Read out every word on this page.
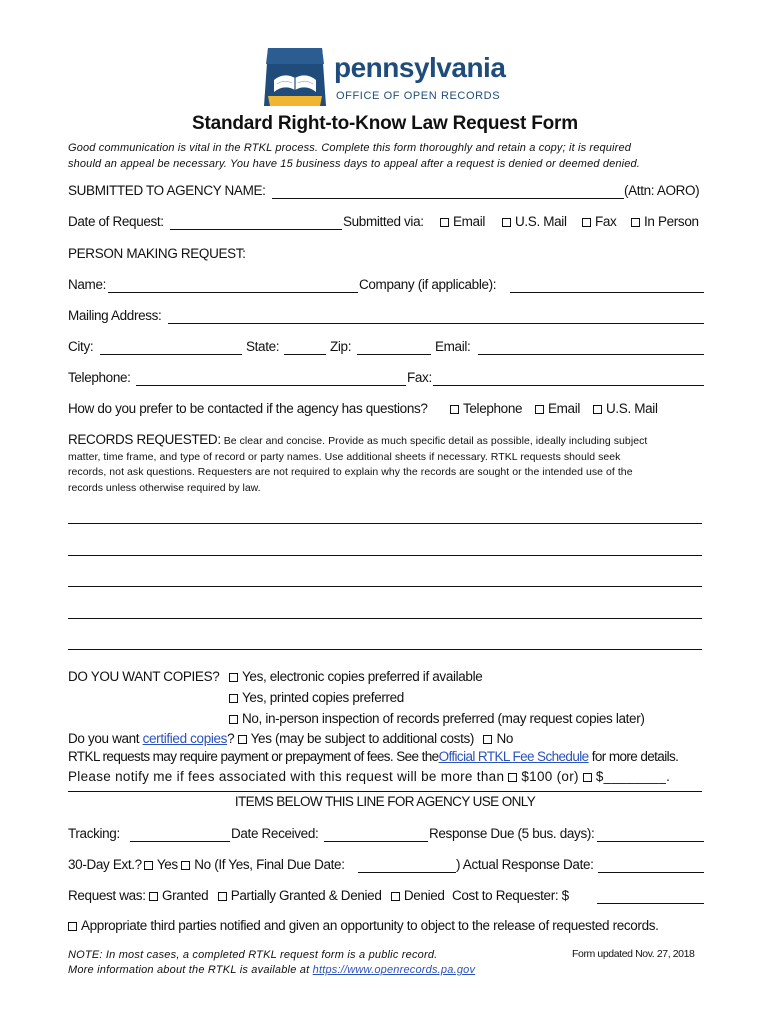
pennsylvania
OFFICE OF OPEN RECORDS
Standard Right-to-Know Law Request Form
Good communication is vital in the RTKL process. Complete this form thoroughly and retain a copy; it is required
should an appeal be necessary. You have 15 business days to appeal after a request is denied or deemed denied.
SUBMITTED TO AGENCY NAME:	(Attn: AORO)
Date of Request:	Submitted via:	Email	U.S. Mail	Fax	In Person
PERSON MAKING REQUEST:
Name:	Company (if applicable):
Mailing Address:
City:	State:	Zip:	Email:
Telephone:	Fax:
How do you prefer to be contacted if the agency has questions?	Telephone	Email	U.S. Mail
RECORDS REQUESTED: Be clear and concise. Provide as much specific detail as possible, ideally including subject
matter, time frame, and type of record or party names. Use additional sheets if necessary. RTKL requests should seek
records, not ask questions. Requesters are not required to explain why the records are sought or the intended use of the
records unless otherwise required by law.
DO YOU WANT COPIES?	Yes, electronic copies preferred if available
Yes, printed copies preferred
No, in-person inspection of records preferred (may request copies later)
Do you want certified copies? Yes (may be subject to additional costs) No
RTKL requests may require payment or prepayment of fees. See theOfficial RTKL Fee Schedule for more details.
Please notify me if fees associated with this request will be more than $100 (or) $________.
ITEMS BELOW THIS LINE FOR AGENCY USE ONLY
Tracking:	Date Received:	Response Due (5 bus. days):
30-Day Ext.? Yes No (If Yes, Final Due Date:	) Actual Response Date:
Request was: Granted Partially Granted & Denied Denied Cost to Requester: $
Appropriate third parties notified and given an opportunity to object to the release of requested records.
NOTE: In most cases, a completed RTKL request form is a public record.
More information about the RTKL is available at https://www.openrecords.pa.gov
Form updated Nov. 27, 2018
